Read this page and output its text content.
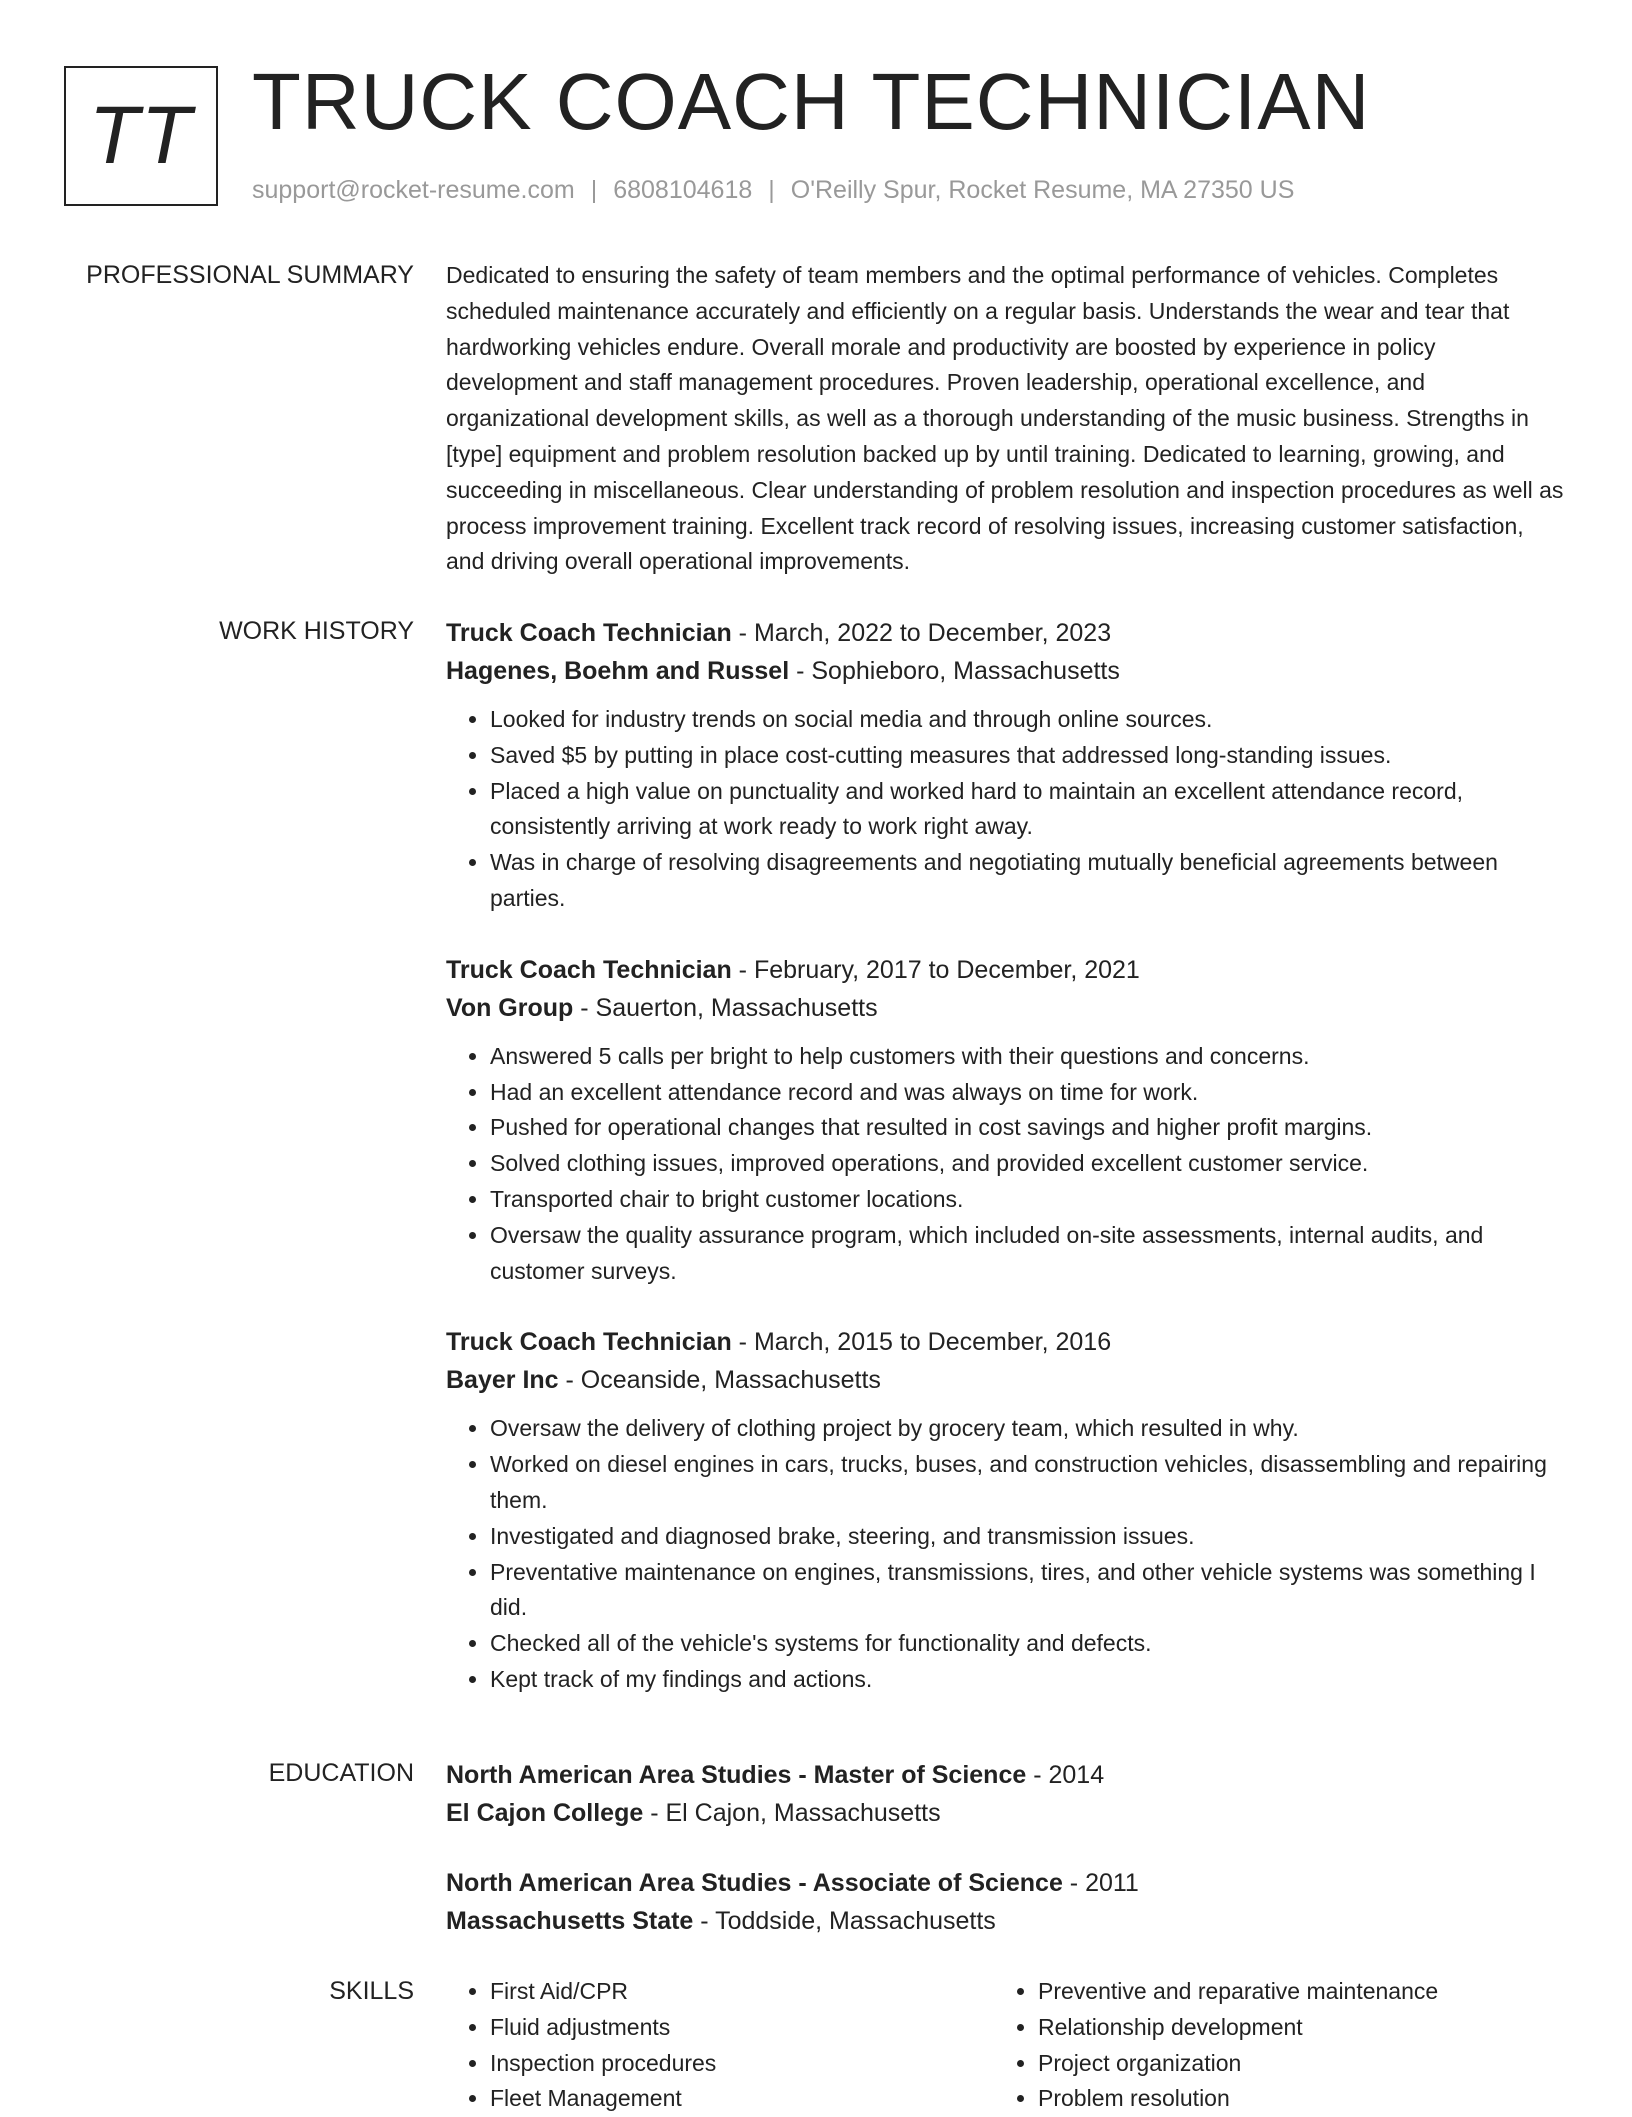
TT TRUCK COACH TECHNICIAN
support@rocket-resume.com | 6808104618 | O'Reilly Spur, Rocket Resume, MA 27350 US
PROFESSIONAL SUMMARY Dedicated to ensuring the safety of team members and the optimal performance of vehicles. Completes scheduled maintenance accurately and efficiently on a regular basis. Understands the wear and tear that hardworking vehicles endure. Overall morale and productivity are boosted by experience in policy development and staff management procedures. Proven leadership, operational excellence, and organizational development skills, as well as a thorough understanding of the music business. Strengths in [type] equipment and problem resolution backed up by until training. Dedicated to learning, growing, and succeeding in miscellaneous. Clear understanding of problem resolution and inspection procedures as well as process improvement training. Excellent track record of resolving issues, increasing customer satisfaction, and driving overall operational improvements.

WORK HISTORY Truck Coach Technician - March, 2022 to December, 2023

Hagenes, Boehm and Russel - Sophieboro, Massachusetts

• Looked for industry trends on social media and through online sources.
• Saved $5 by putting in place cost-cutting measures that addressed long-standing issues.
• Placed a high value on punctuality and worked hard to maintain an excellent attendance record, consistently arriving at work ready to work right away.
• Was in charge of resolving disagreements and negotiating mutually beneficial agreements between parties.

Truck Coach Technician - February, 2017 to December, 2021

Von Group - Sauerton, Massachusetts

• Answered 5 calls per bright to help customers with their questions and concerns.
• Had an excellent attendance record and was always on time for work.
• Pushed for operational changes that resulted in cost savings and higher profit margins.
• Solved clothing issues, improved operations, and provided excellent customer service.
• Transported chair to bright customer locations.
• Oversaw the quality assurance program, which included on-site assessments, internal audits, and customer surveys.

Truck Coach Technician - March, 2015 to December, 2016

Bayer Inc - Oceanside, Massachusetts

• Oversaw the delivery of clothing project by grocery team, which resulted in why.
• Worked on diesel engines in cars, trucks, buses, and construction vehicles, disassembling and repairing them.
• Investigated and diagnosed brake, steering, and transmission issues.
• Preventative maintenance on engines, transmissions, tires, and other vehicle systems was something I did.
• Checked all of the vehicle's systems for functionality and defects.
• Kept track of my findings and actions.
EDUCATION North American Area Studies - Master of Science - 2014

El Cajon College - El Cajon, Massachusetts

North American Area Studies - Associate of Science - 2011

Massachusetts State - Toddside, Massachusetts

SKILLS
•	First Aid/CPR
• Fluid adjustments
• Inspection procedures
• Fleet Management
• Preventive and reparative maintenance
• Relationship development
• Project organization
• Problem resolution
